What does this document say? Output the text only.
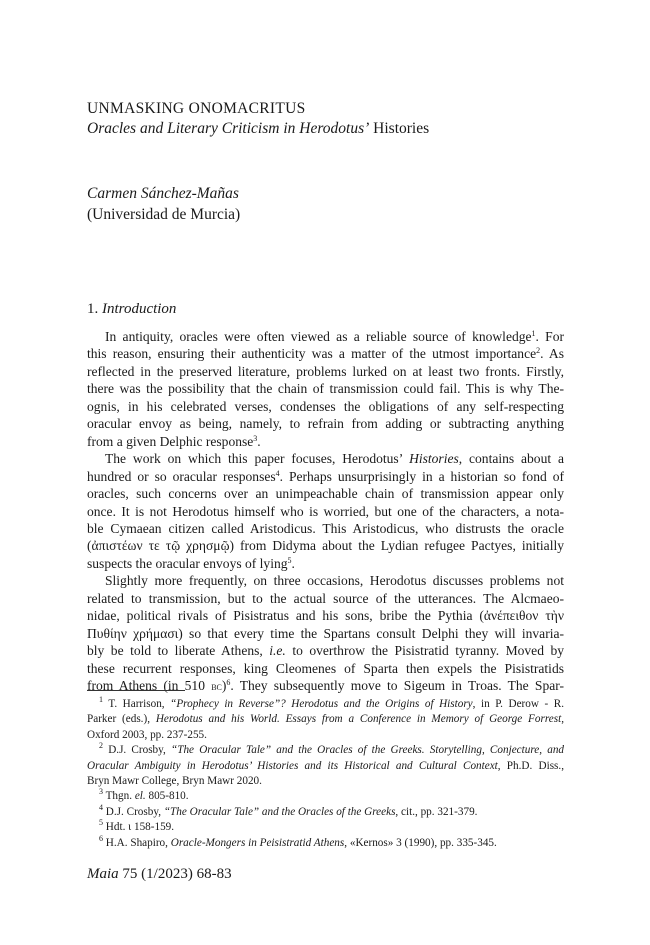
UNMASKING ONOMACRITUS
Oracles and Literary Criticism in Herodotus’ Histories
Carmen Sánchez-Mañas
(Universidad de Murcia)
1. Introduction

In antiquity, oracles were often viewed as a reliable source of knowledge$^1$. For
this reason, ensuring their authenticity was a matter of the utmost importance$^2$. As
reflected in the preserved literature, problems lurked on at least two fronts. Firstly,
there was the possibility that the chain of transmission could fail. This is why The-
ognis, in his celebrated verses, condenses the obligations of any self-respecting
oracular envoy as being, namely, to refrain from adding or subtracting anything
from a given Delphic response$^3$.

The work on which this paper focuses, Herodotus’ Histories, contains about a
hundred or so oracular responses$^4$. Perhaps unsurprisingly in a historian so fond of
oracles, such concerns over an unimpeachable chain of transmission appear only
once. It is not Herodotus himself who is worried, but one of the characters, a nota-
ble Cymaean citizen called Aristodicus. This Aristodicus, who distrusts the oracle
(ἀπιστέων τε τῷ χρησμῷ) from Didyma about the Lydian refugee Pactyes, initially
suspects the oracular envoys of lying$^5$.

Slightly more frequently, on three occasions, Herodotus discusses problems not
related to transmission, but to the actual source of the utterances. The Alcmaeo-
nidae, political rivals of Pisistratus and his sons, bribe the Pythia (ἀνέπειθον τὴν
Πυθίην χρήμασι) so that every time the Spartans consult Delphi they will invaria-
bly be told to liberate Athens, i.e. to overthrow the Pisistratid tyranny. Moved by
these recurrent responses, king Cleomenes of Sparta then expels the Pisistratids
from Athens (in 510 bc)$^6$. They subsequently move to Sigeum in Troas. The Spar-

$^1$ T. Harrison, “Prophecy in Reverse”? Herodotus and the Origins of History, in P. Derow - R.
Parker (eds.), Herodotus and his World. Essays from a Conference in Memory of George Forrest,
Oxford 2003, pp. 237-255.
$^2$ D.J. Crosby, “The Oracular Tale” and the Oracles of the Greeks. Storytelling, Conjecture, and
Oracular Ambiguity in Herodotus’ Histories and its Historical and Cultural Context, Ph.D. Diss.,
Bryn Mawr College, Bryn Mawr 2020.
$^3$ Thgn. el. 805-810.
$^4$ D.J. Crosby, “The Oracular Tale” and the Oracles of the Greeks, cit., pp. 321-379.
$^5$ Hdt. ι 158-159.
$^6$ H.A. Shapiro, Oracle-Mongers in Peisistratid Athens, «Kernos» 3 (1990), pp. 335-345.
Maia 75 (1/2023) 68-83
